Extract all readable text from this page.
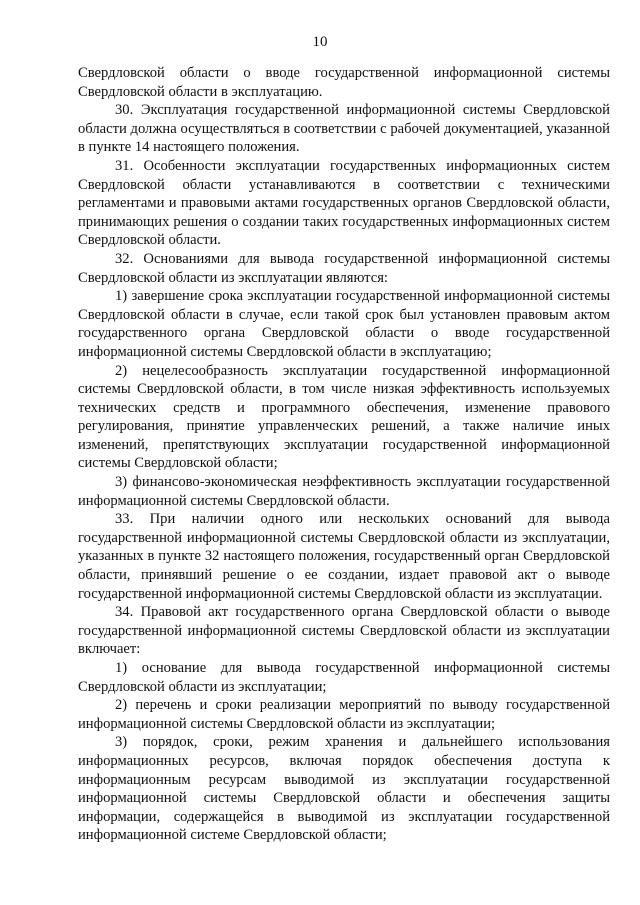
10

Свердловской области о вводе государственной информационной системы Свердловской области в эксплуатацию.

30. Эксплуатация государственной информационной системы Свердловской области должна осуществляться в соответствии с рабочей документацией, указанной в пункте 14 настоящего положения.

31. Особенности эксплуатации государственных информационных систем Свердловской области устанавливаются в соответствии с техническими регламентами и правовыми актами государственных органов Свердловской области, принимающих решения о создании таких государственных информационных систем Свердловской области.

32. Основаниями для вывода государственной информационной системы Свердловской области из эксплуатации являются:

1) завершение срока эксплуатации государственной информационной системы Свердловской области в случае, если такой срок был установлен правовым актом государственного органа Свердловской области о вводе государственной информационной системы Свердловской области в эксплуатацию;

2) нецелесообразность эксплуатации государственной информационной системы Свердловской области, в том числе низкая эффективность используемых технических средств и программного обеспечения, изменение правового регулирования, принятие управленческих решений, а также наличие иных изменений, препятствующих эксплуатации государственной информационной системы Свердловской области;

3) финансово-экономическая неэффективность эксплуатации государственной информационной системы Свердловской области.

33. При наличии одного или нескольких оснований для вывода государственной информационной системы Свердловской области из эксплуатации, указанных в пункте 32 настоящего положения, государственный орган Свердловской области, принявший решение о ее создании, издает правовой акт о выводе государственной информационной системы Свердловской области из эксплуатации.

34. Правовой акт государственного органа Свердловской области о выводе государственной информационной системы Свердловской области из эксплуатации включает:

1) основание для вывода государственной информационной системы Свердловской области из эксплуатации;

2) перечень и сроки реализации мероприятий по выводу государственной информационной системы Свердловской области из эксплуатации;

3) порядок, сроки, режим хранения и дальнейшего использования информационных ресурсов, включая порядок обеспечения доступа к информационным ресурсам выводимой из эксплуатации государственной информационной системы Свердловской области и обеспечения защиты информации, содержащейся в выводимой из эксплуатации государственной информационной системе Свердловской области;
